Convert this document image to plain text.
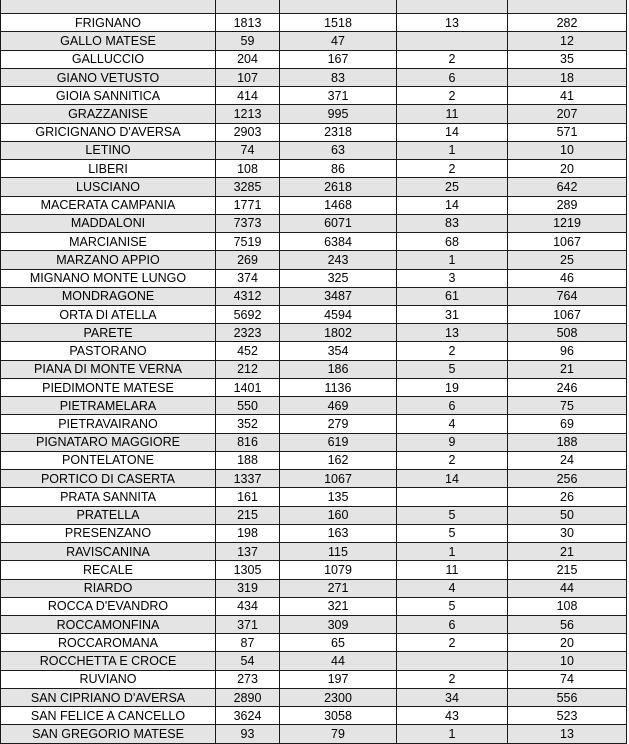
FRIGNANO	1813	1518	13	282
GALLO MATESE	59	47		12
GALLUCCIO	204	167	2	35
GIANO VETUSTO	107	83	6	18
GIOIA SANNITICA	414	371	2	41
GRAZZANISE	1213	995	11	207
GRICIGNANO D'AVERSA	2903	2318	14	571
LETINO	74	63	1	10
LIBERI	108	86	2	20
LUSCIANO	3285	2618	25	642
MACERATA CAMPANIA	1771	1468	14	289
MADDALONI	7373	6071	83	1219
MARCIANISE	7519	6384	68	1067
MARZANO APPIO	269	243	1	25
MIGNANO MONTE LUNGO	374	325	3	46
MONDRAGONE	4312	3487	61	764
ORTA DI ATELLA	5692	4594	31	1067
PARETE	2323	1802	13	508
PASTORANO	452	354	2	96
PIANA DI MONTE VERNA	212	186	5	21
PIEDIMONTE MATESE	1401	1136	19	246
PIETRAMELARA	550	469	6	75
PIETRAVAIRANO	352	279	4	69
PIGNATARO MAGGIORE	816	619	9	188
PONTELATONE	188	162	2	24
PORTICO DI CASERTA	1337	1067	14	256
PRATA SANNITA	161	135		26
PRATELLA	215	160	5	50
PRESENZANO	198	163	5	30
RAVISCANINA	137	115	1	21
RECALE	1305	1079	11	215
RIARDO	319	271	4	44
ROCCA D'EVANDRO	434	321	5	108
ROCCAMONFINA	371	309	6	56
ROCCAROMANA	87	65	2	20
ROCCHETTA E CROCE	54	44		10
RUVIANO	273	197	2	74
SAN CIPRIANO D'AVERSA	2890	2300	34	556
SAN FELICE A CANCELLO	3624	3058	43	523
SAN GREGORIO MATESE	93	79	1	13
